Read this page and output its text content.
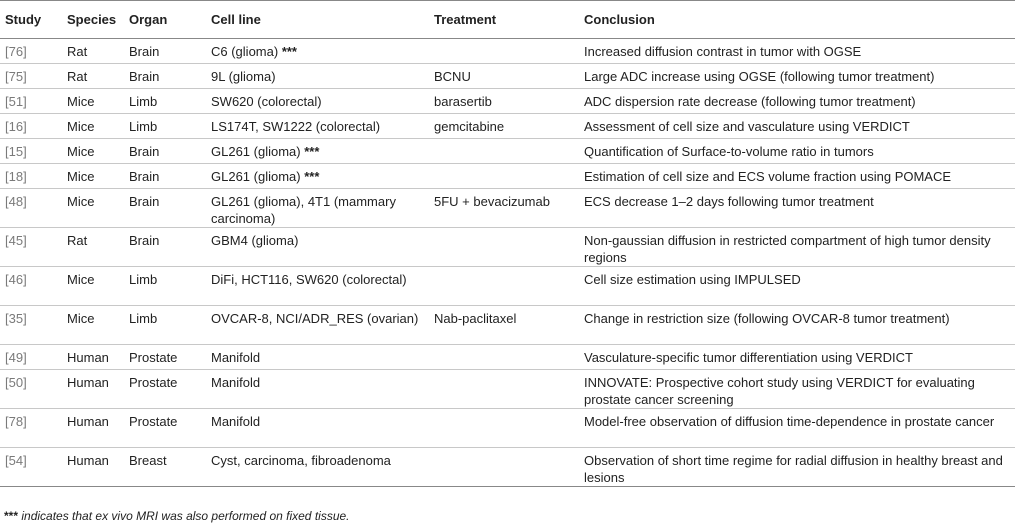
Study	Species	Organ	Cell line	Treatment	Conclusion
[76]	Rat	Brain	C6 (glioma) ***		Increased diffusion contrast in tumor with OGSE
[75]	Rat	Brain	9L (glioma)	BCNU	Large ADC increase using OGSE (following tumor treatment)
[51]	Mice	Limb	SW620 (colorectal)	barasertib	ADC dispersion rate decrease (following tumor treatment)
[16]	Mice	Limb	LS174T, SW1222 (colorectal)	gemcitabine	Assessment of cell size and vasculature using VERDICT
[15]	Mice	Brain	GL261 (glioma) ***		Quantification of Surface-to-volume ratio in tumors
[18]	Mice	Brain	GL261 (glioma) ***		Estimation of cell size and ECS volume fraction using POMACE
[48]	Mice	Brain	GL261 (glioma), 4T1 (mammary carcinoma)	5FU + bevacizumab	ECS decrease 1–2 days following tumor treatment
[45]	Rat	Brain	GBM4 (glioma)		Non-gaussian diffusion in restricted compartment of high tumor density regions
[46]	Mice	Limb	DiFi, HCT116, SW620 (colorectal)		Cell size estimation using IMPULSED
[35]	Mice	Limb	OVCAR-8, NCI/ADR_RES (ovarian)	Nab-paclitaxel	Change in restriction size (following OVCAR-8 tumor treatment)
[49]	Human	Prostate	Manifold		Vasculature-specific tumor differentiation using VERDICT
[50]	Human	Prostate	Manifold		INNOVATE: Prospective cohort study using VERDICT for evaluating prostate cancer screening
[78]	Human	Prostate	Manifold		Model-free observation of diffusion time-dependence in prostate cancer
[54]	Human	Breast	Cyst, carcinoma, fibroadenoma		Observation of short time regime for radial diffusion in healthy breast and lesions
*** indicates that ex vivo MRI was also performed on fixed tissue.
